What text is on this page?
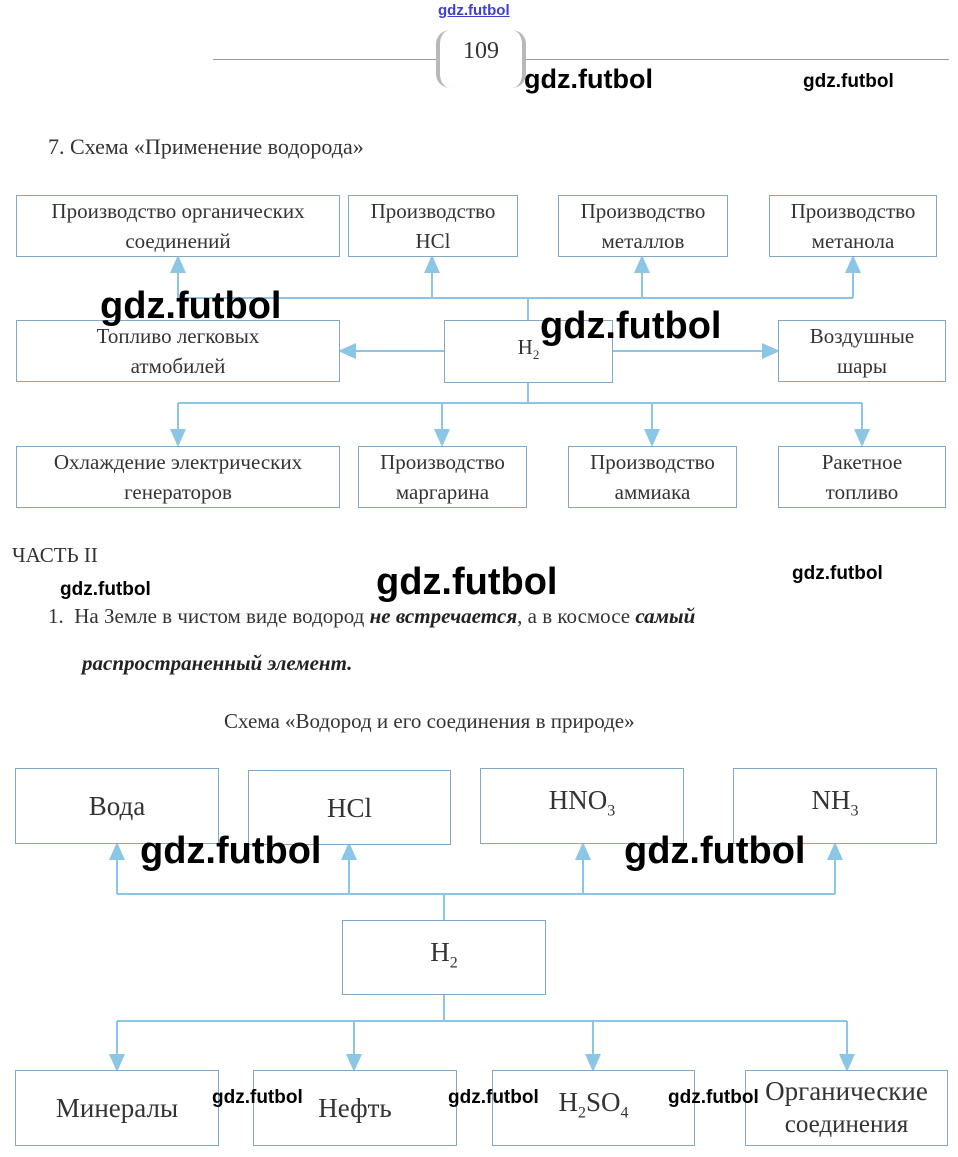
gdz.futbol
109
7. Схема «Применение водорода»
Производство органических
соединений
Производство
HCl
Производство
металлов
Производство
метанола
Топливо легковых
атмобилей
$H_2$
Воздушные
шары
Охлаждение электрических
генераторов
Производство
маргарина
Производство
аммиака
Ракетное
топливо
ЧАСТЬ II
1. На Земле в чистом виде водород не встречается, а в космосе самый
распространенный элемент.
Схема «Водород и его соединения в природе»
Вода	HCl	$HNO_3$	$NH_3$
$H_2$
Минералы	Нефть	$H_2SO_4$
Органические
соединения
gdz.futbol	gdz.futbol
gdz.futbol	gdz.futbol
gdz.futbol	gdz.futbol	gdz.futbol
gdz.futbol	gdz.futbol
gdz.futbol	gdz.futbol	gdz.futbol
